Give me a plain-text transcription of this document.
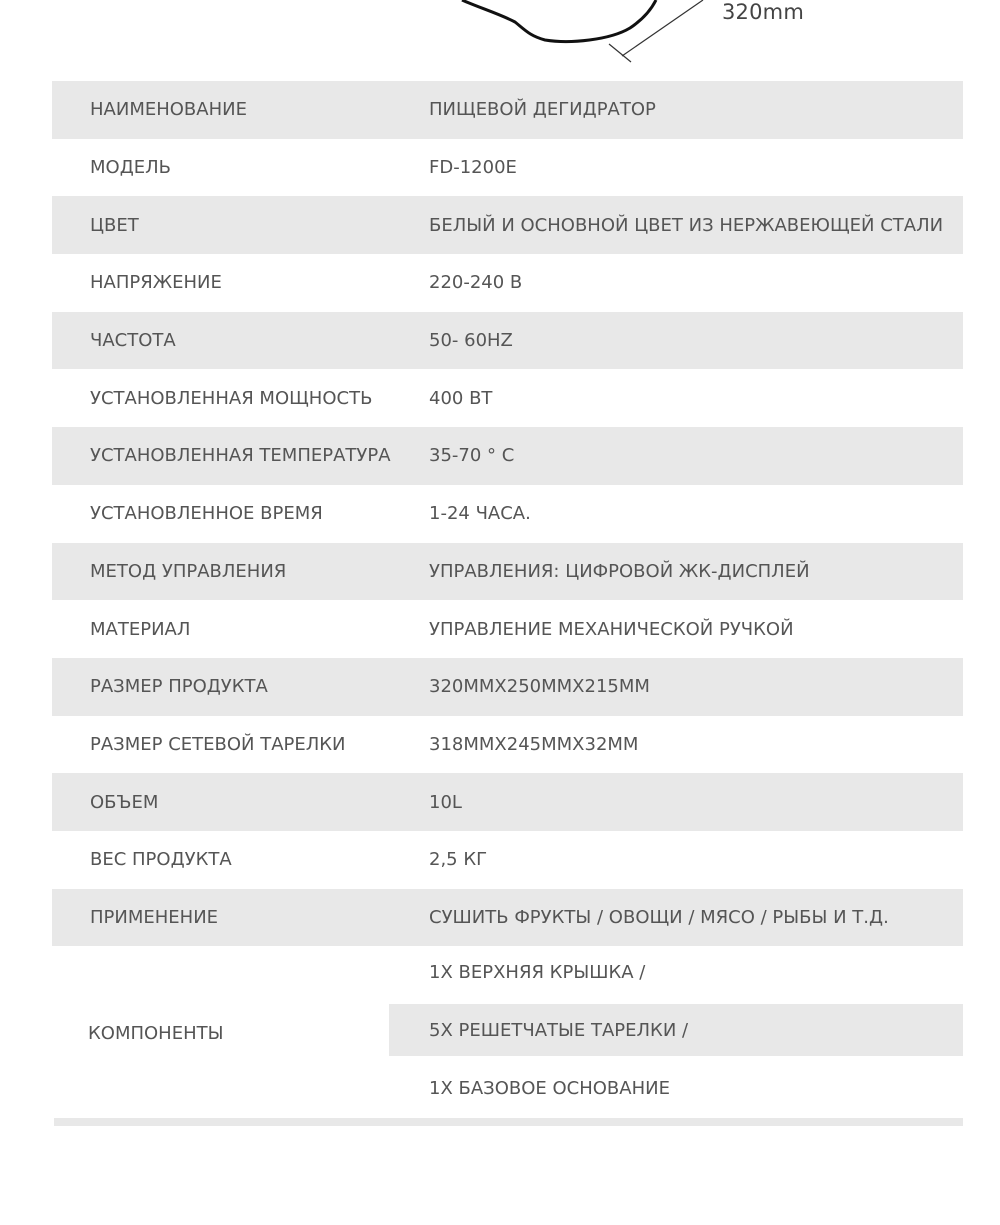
320mm
НАИМЕНОВАНИЕ	ПИЩЕВОЙ ДЕГИДРАТОР
МОДЕЛЬ	FD-1200E
ЦВЕТ	БЕЛЫЙ И ОСНОВНОЙ ЦВЕТ ИЗ НЕРЖАВЕЮЩЕЙ СТАЛИ
НАПРЯЖЕНИЕ	220-240 В
ЧАСТОТА	50- 60HZ
УСТАНОВЛЕННАЯ МОЩНОСТЬ	400 ВТ
УСТАНОВЛЕННАЯ ТЕМПЕРАТУРА 35-70 ° C
УСТАНОВЛЕННОЕ ВРЕМЯ	1-24 ЧАСА.
МЕТОД УПРАВЛЕНИЯ	УПРАВЛЕНИЯ: ЦИФРОВОЙ ЖК-ДИСПЛЕЙ
МАТЕРИАЛ	УПРАВЛЕНИЕ МЕХАНИЧЕСКОЙ РУЧКОЙ
РАЗМЕР ПРОДУКТА	320MMX250MMX215MM
РАЗМЕР СЕТЕВОЙ ТАРЕЛКИ	318MMX245MMX32MM
ОБЪЕМ	10L
ВЕС ПРОДУКТА	2,5 КГ
ПРИМЕНЕНИЕ	СУШИТЬ ФРУКТЫ / ОВОЩИ / МЯСО / РЫБЫ И Т.Д.
КОМПОНЕНТЫ
1X ВЕРХНЯЯ КРЫШКА /
5X РЕШЕТЧАТЫЕ ТАРЕЛКИ /
1X БАЗОВОЕ ОСНОВАНИЕ
